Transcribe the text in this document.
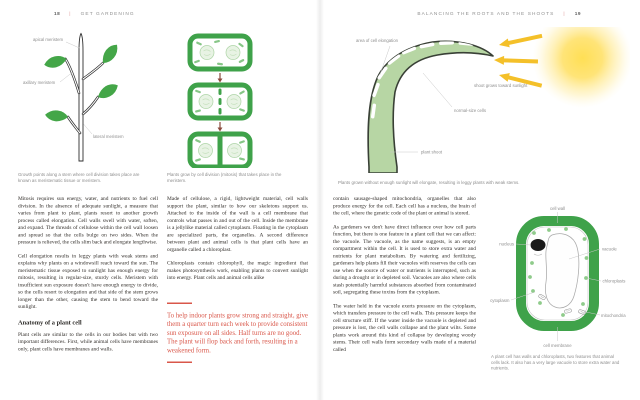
18 | GET GARDENING	BALANCING THE ROOTS AND THE SHOOTS | 19
apical meristem
axillary meristem
lateral meristem
Growth points along a stem where cell division takes place are known as meristematic tissue or meristem.
Plants grow by cell division (mitosis) that takes place in the meristem.
area of cell elongation
shoot grows toward sunlight
normal-size cells
plant shoot
Plants grown without enough sunlight will elongate, resulting in leggy plants with weak stems.
cell wall
nucleus
cytoplasm
vacuole
chloroplasts
mitochondria
cell membrane
A plant cell has walls and chloroplasts, two features that animal cells lack. It also has a very large vacuole to store extra water and nutrients.

Mitosis requires sun energy, water, and nutrients to fuel cell division. In the absence of adequate sunlight, a measure that varies from plant to plant, plants resort to another growth process called elongation. Cell walls swell with water, soften, and expand. The threads of cellulose within the cell wall loosen and spread so that the cells bulge on two sides. When the pressure is relieved, the cells slim back and elongate lengthwise.

Cell elongation results in leggy plants with weak stems and explains why plants on a windowsill reach toward the sun. The meristematic tissue exposed to sunlight has enough energy for mitosis, resulting in regular-size, sturdy cells. Meristem with insufficient sun exposure doesn't have enough energy to divide, so the cells resort to elongation and that side of the stem grows longer than the other, causing the stem to bend toward the sunlight.

Anatomy of a plant cell

Plant cells are similar to the cells in our bodies but with two important differences. First, while animal cells have membranes only, plant cells have membranes and walls.

Made of cellulose, a rigid, lightweight material, cell walls support the plant, similar to how our skeletons support us. Attached to the inside of the wall is a cell membrane that controls what passes in and out of the cell. Inside the membrane is a jellylike material called cytoplasm. Floating in the cytoplasm are specialized parts, the organelles. A second difference between plant and animal cells is that plant cells have an organelle called a chloroplast.

Chloroplasts contain chlorophyll, the magic ingredient that makes photosynthesis work, enabling plants to convert sunlight into energy. Plant cells and animal cells alike

To help indoor plants grow strong and straight, give them a quarter turn each week to provide consistent sun exposure on all sides. Half turns are no good. The plant will flop back and forth, resulting in a weakened form.

contain sausage-shaped mitochondria, organelles that also produce energy for the cell. Each cell has a nucleus, the brain of the cell, where the genetic code of the plant or animal is stored.

As gardeners we don't have direct influence over how cell parts function, but there is one feature in a plant cell that we can affect: the vacuole. The vacuole, as the name suggests, is an empty compartment within the cell. It is used to store extra water and nutrients for plant metabolism. By watering and fertilizing, gardeners help plants fill their vacuoles with reserves the cells can use when the source of water or nutrients is interrupted, such as during a drought or in depleted soil. Vacuoles are also where cells stash potentially harmful substances absorbed from contaminated soil, segregating these toxins from the cytoplasm.

The water held in the vacuole exerts pressure on the cytoplasm, which transfers pressure to the cell walls. This pressure keeps the cell structure stiff. If the water inside the vacuole is depleted and pressure is lost, the cell walls collapse and the plant wilts. Some plants work around this kind of collapse by developing woody stems. Their cell walls form secondary walls made of a material called
